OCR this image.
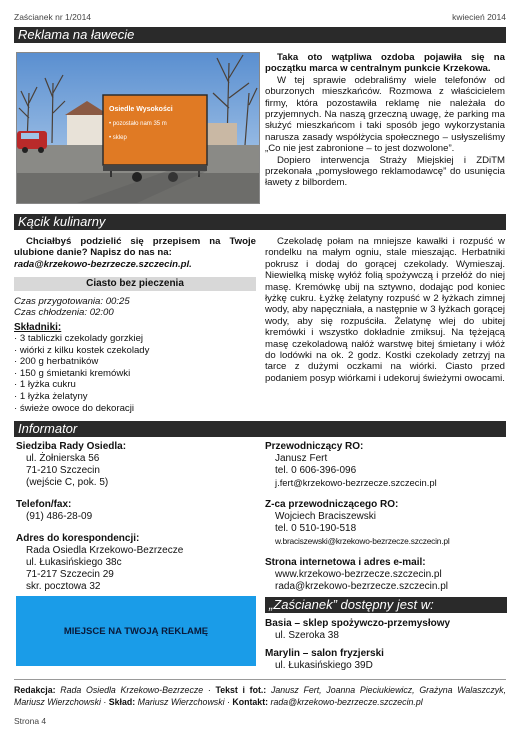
Zaścianek nr 1/2014	kwiecień 2014
Reklama na ławecie
Osiedle Wysokości
• pozostało nam 35 m
• sklep

Taka oto wątpliwa ozdoba pojawiła się na początku marca w centralnym punkcie Krzekowa.

W tej sprawie odebraliśmy wiele telefonów od oburzonych mieszkańców. Rozmowa z właścicielem firmy, która pozostawiła reklamę nie należała do przyjemnych. Na naszą grzeczną uwagę, że parking ma służyć mieszkańcom i taki sposób jego wykorzystania narusza zasady współżycia społecznego – usłyszeliśmy „Co nie jest zabronione – to jest dozwolone”.

Dopiero interwencja Straży Miejskiej i ZDiTM przekonała „pomysłowego reklamodawcę” do usunięcia ławety z bilbordem.

Kącik kulinarny

Chciałbyś podzielić się przepisem na Twoje ulubione danie? Napisz do nas na:

rada@krzekowo-bezrzecze.szczecin.pl.

Ciasto bez pieczenia

Czas przygotowania: 00:25

Czas chłodzenia: 02:00

Składniki:

· 3 tabliczki czekolady gorzkiej
· wiórki z kilku kostek czekolady
· 200 g herbatników
· 150 g śmietanki kremówki
· 1 łyżka cukru
· 1 łyżka żelatyny
· świeże owoce do dekoracji

Czekoladę połam na mniejsze kawałki i rozpuść w rondelku na małym ogniu, stale mieszając. Herbatniki pokrusz i dodaj do gorącej czekolady. Wymieszaj. Niewielką miskę wyłóż folią spożywczą i przełóż do niej masę. Kremówkę ubij na sztywno, dodając pod koniec łyżkę cukru. Łyżkę żelatyny rozpuść w 2 łyżkach zimnej wody, aby napęczniała, a następnie w 3 łyżkach gorącej wody, aby się rozpuściła. Żelatynę wlej do ubitej kremówki i wszystko dokładnie zmiksuj. Na tężejącą masę czekoladową nałóż warstwę bitej śmietany i włóż do lodówki na ok. 2 godz. Kostki czekolady zetrzyj na tarce z dużymi oczkami na wiórki. Ciasto przed podaniem posyp wiórkami i udekoruj świeżymi owocami.

Informator

Siedziba Rady Osiedla:

ul. Żołnierska 56

71-210 Szczecin

(wejście C, pok. 5)

Telefon/fax:

(91) 486-28-09

Adres do korespondencji:

Rada Osiedla Krzekowo-Bezrzecze

ul. Łukasińskiego 38c

71-217 Szczecin 29

skr. pocztowa 32

Przewodniczący RO:

Janusz Fert

tel. 0 606-396-096

j.fert@krzekowo-bezrzecze.szczecin.pl

Z-ca przewodniczącego RO:

Wojciech Braciszewski

tel. 0 510-190-518

w.braciszewski@krzekowo-bezrzecze.szczecin.pl

Strona internetowa i adres e-mail:

www.krzekowo-bezrzecze.szczecin.pl

rada@krzekowo-bezrzecze.szczecin.pl

MIEJSCE NA TWOJĄ REKLAMĘ
„Zaścianek” dostępny jest w:

Basia – sklep spożywczo-przemysłowy

ul. Szeroka 38

Marylin – salon fryzjerski

ul. Łukasińskiego 39D

Redakcja: Rada Osiedla Krzekowo-Bezrzecze · Tekst i fot.: Janusz Fert, Joanna Pieciukiewicz, Grażyna Walaszczyk, Mariusz Wierzchowski · Skład: Mariusz Wierzchowski · Kontakt: rada@krzekowo-bezrzecze.szczecin.pl
Strona 4
